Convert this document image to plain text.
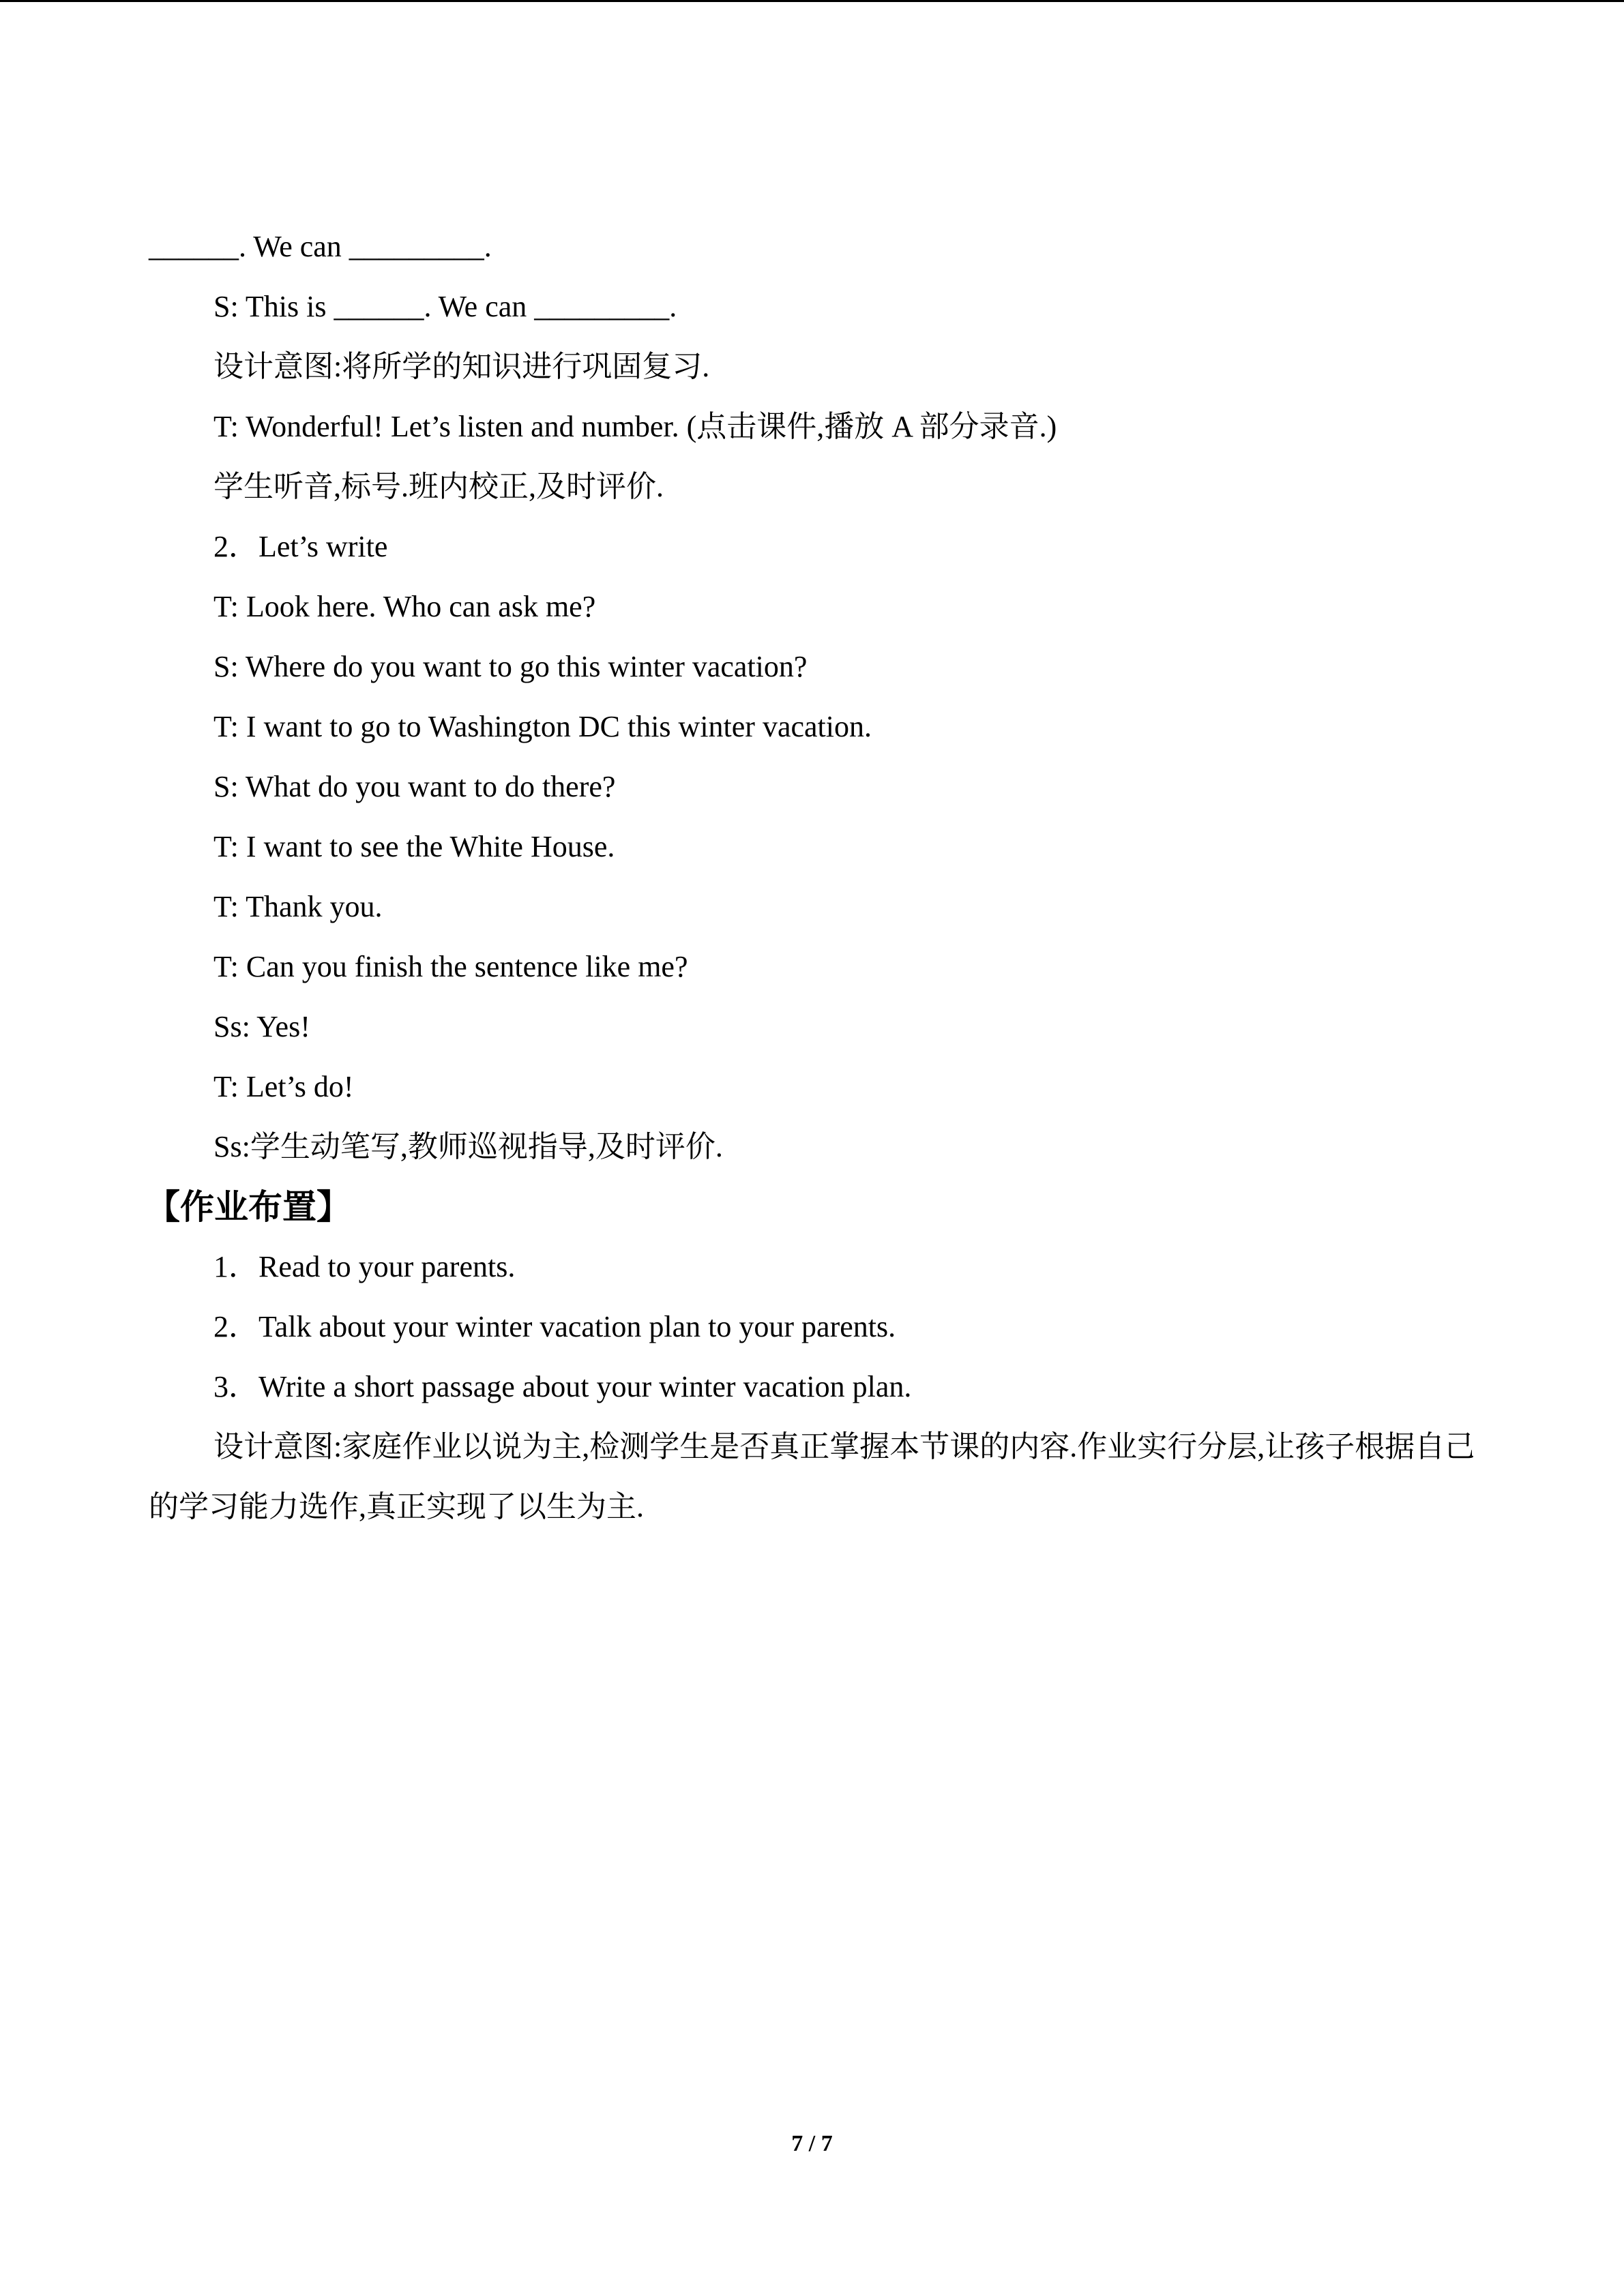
______. We can _________.
S: This is ______. We can _________.
设计意图:将所学的知识进行巩固复习.
T: Wonderful! Let’s listen and number. (点击课件,播放 A 部分录音.)
学生听音,标号.班内校正,及时评价.
2．Let’s write
T: Look here. Who can ask me?
S: Where do you want to go this winter vacation?
T: I want to go to Washington DC this winter vacation.
S: What do you want to do there?
T: I want to see the White House.
T: Thank you.
T: Can you finish the sentence like me?
Ss: Yes!
T: Let’s do!
Ss:学生动笔写,教师巡视指导,及时评价.
【作业布置】
1．Read to your parents.
2．Talk about your winter vacation plan to your parents.
3．Write a short passage about your winter vacation plan.

设计意图:家庭作业以说为主,检测学生是否真正掌握本节课的内容.作业实行分层,让孩子根据自己的学习能力选作,真正实现了以生为主.

7 / 7
